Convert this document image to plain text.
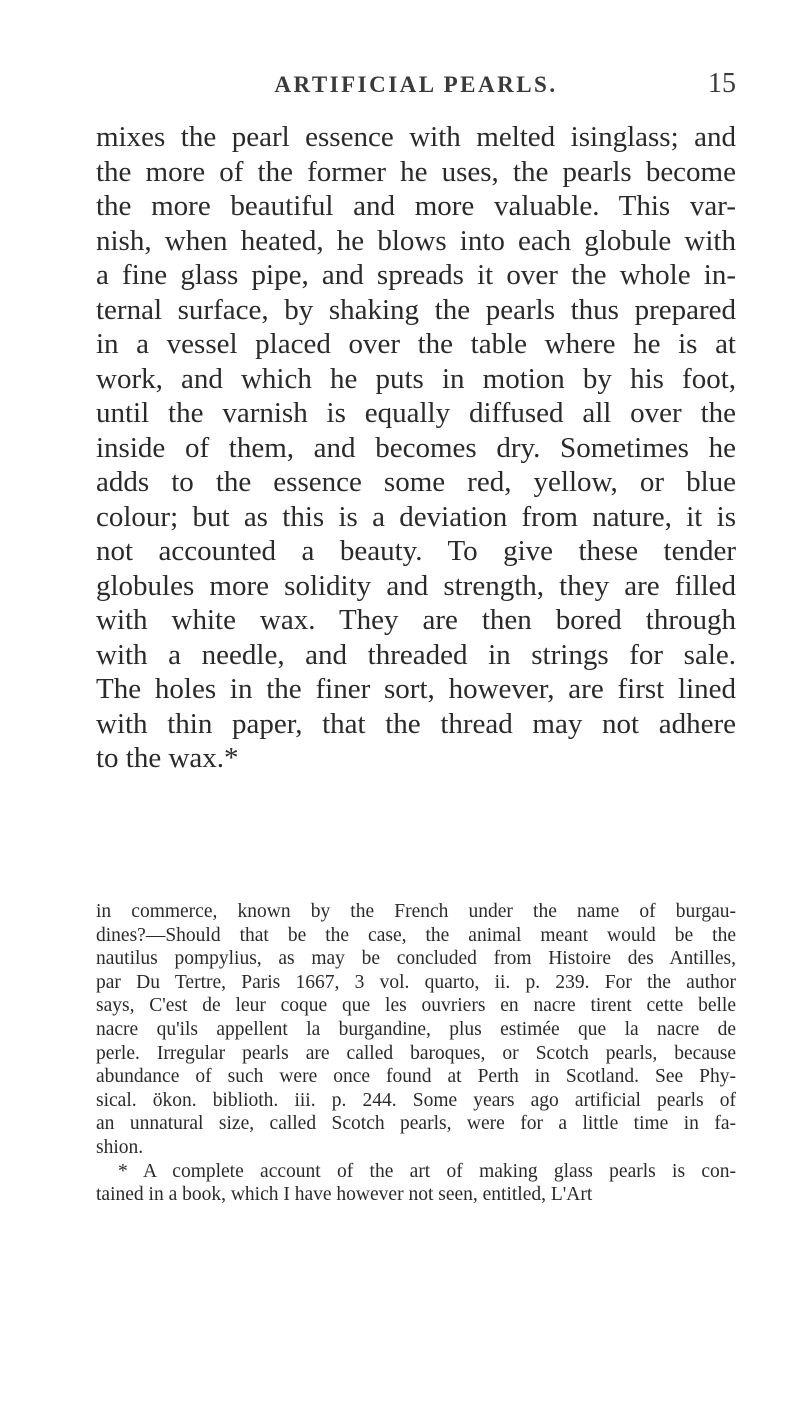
ARTIFICIAL PEARLS.	15
mixes the pearl essence with melted isinglass; and
the more of the former he uses, the pearls become
the more beautiful and more valuable. This var-
nish, when heated, he blows into each globule with
a fine glass pipe, and spreads it over the whole in-
ternal surface, by shaking the pearls thus prepared
in a vessel placed over the table where he is at
work, and which he puts in motion by his foot,
until the varnish is equally diffused all over the
inside of them, and becomes dry. Sometimes he
adds to the essence some red, yellow, or blue
colour; but as this is a deviation from nature, it is
not accounted a beauty. To give these tender
globules more solidity and strength, they are filled
with white wax. They are then bored through
with a needle, and threaded in strings for sale.
The holes in the finer sort, however, are first lined
with thin paper, that the thread may not adhere
to the wax.*
in commerce, known by the French under the name of burgau-
dines?—Should that be the case, the animal meant would be the
nautilus pompylius, as may be concluded from Histoire des Antilles,
par Du Tertre, Paris 1667, 3 vol. quarto, ii. p. 239. For the author
says, C'est de leur coque que les ouvriers en nacre tirent cette belle
nacre qu'ils appellent la burgandine, plus estimée que la nacre de
perle. Irregular pearls are called baroques, or Scotch pearls, because
abundance of such were once found at Perth in Scotland. See Phy-
sical. ökon. biblioth. iii. p. 244. Some years ago artificial pearls of
an unnatural size, called Scotch pearls, were for a little time in fa-
shion.
* A complete account of the art of making glass pearls is con-
tained in a book, which I have however not seen, entitled, L'Art
